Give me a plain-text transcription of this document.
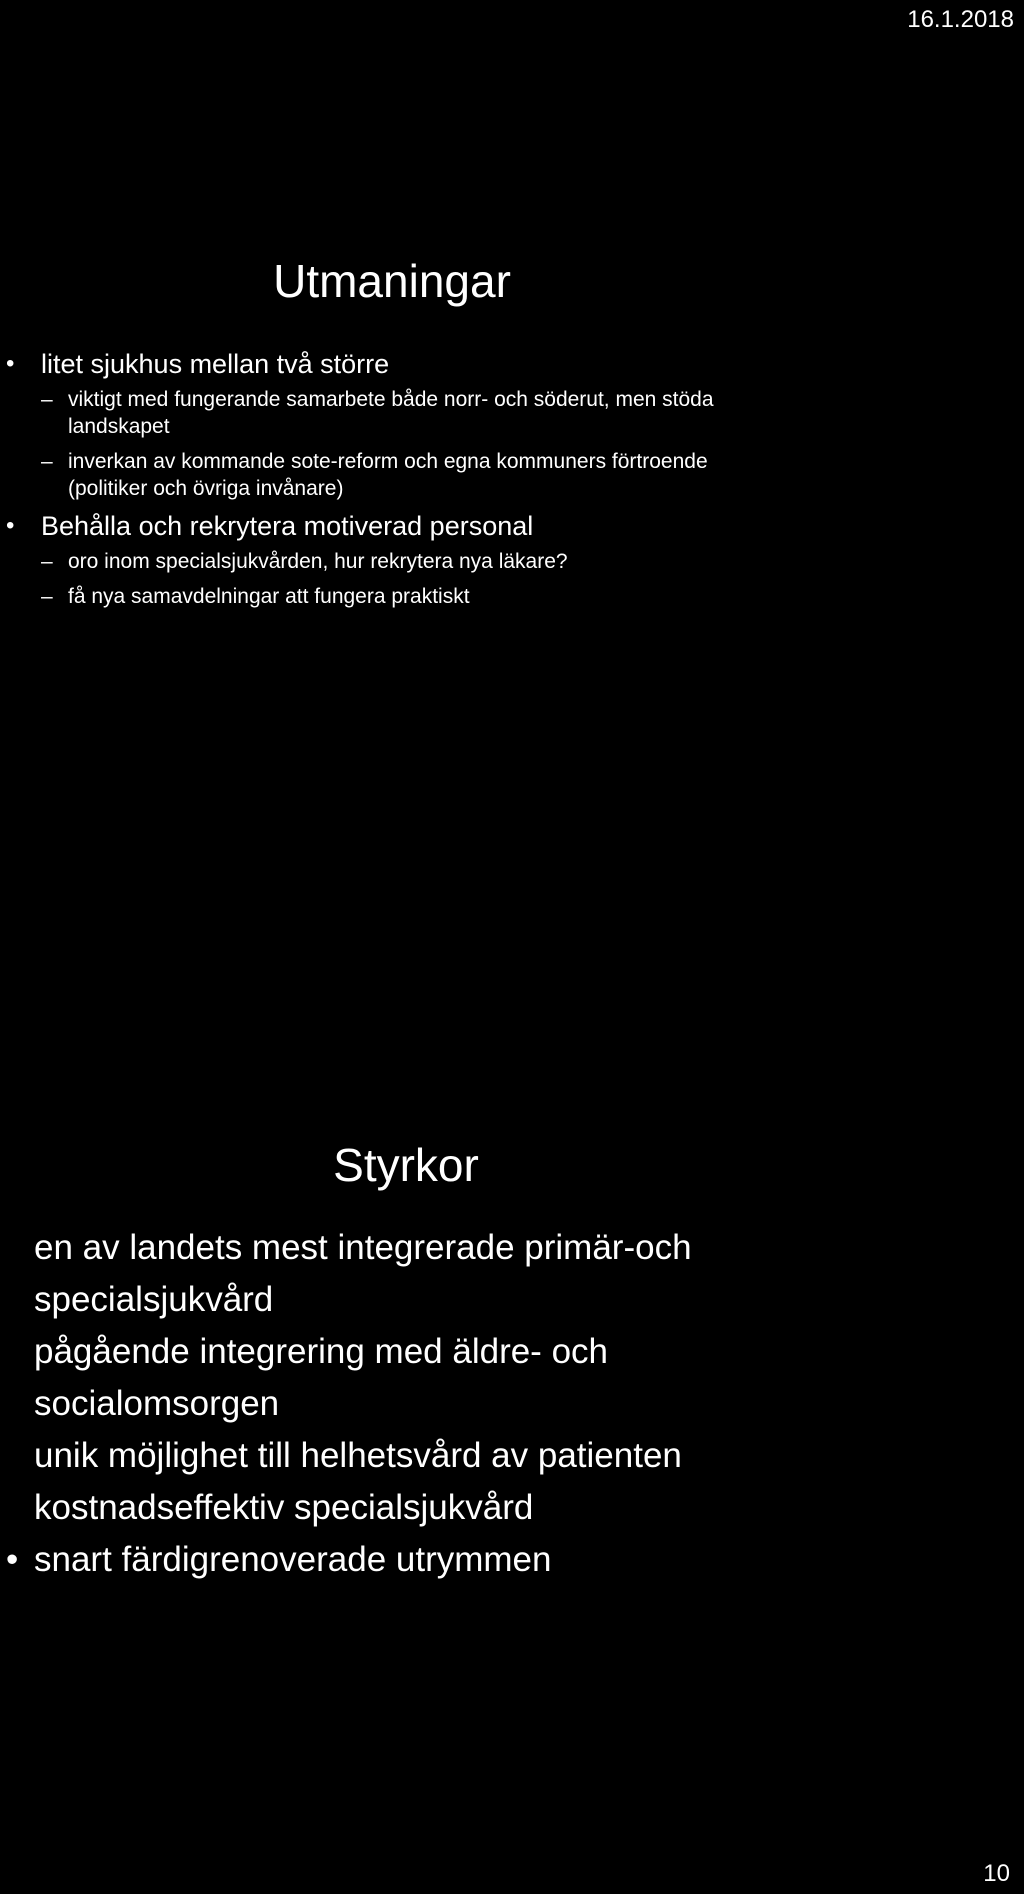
16.1.2018
Utmaningar
• litet sjukhus mellan två större
– viktigt med fungerande samarbete både norr- och söderut, men stöda landskapet
– inverkan av kommande sote-reform och egna kommuners förtroende (politiker och övriga invånare)
• Behålla och rekrytera motiverad personal
– oro inom specialsjukvården, hur rekrytera nya läkare?
– få nya samavdelningar att fungera praktiskt
Styrkor
en av landets mest integrerade primär-och specialsjukvård
pågående integrering med äldre- och socialomsorgen
unik möjlighet till helhetsvård av patienten
kostnadseffektiv specialsjukvård
• snart färdigrenoverade utrymmen
10
